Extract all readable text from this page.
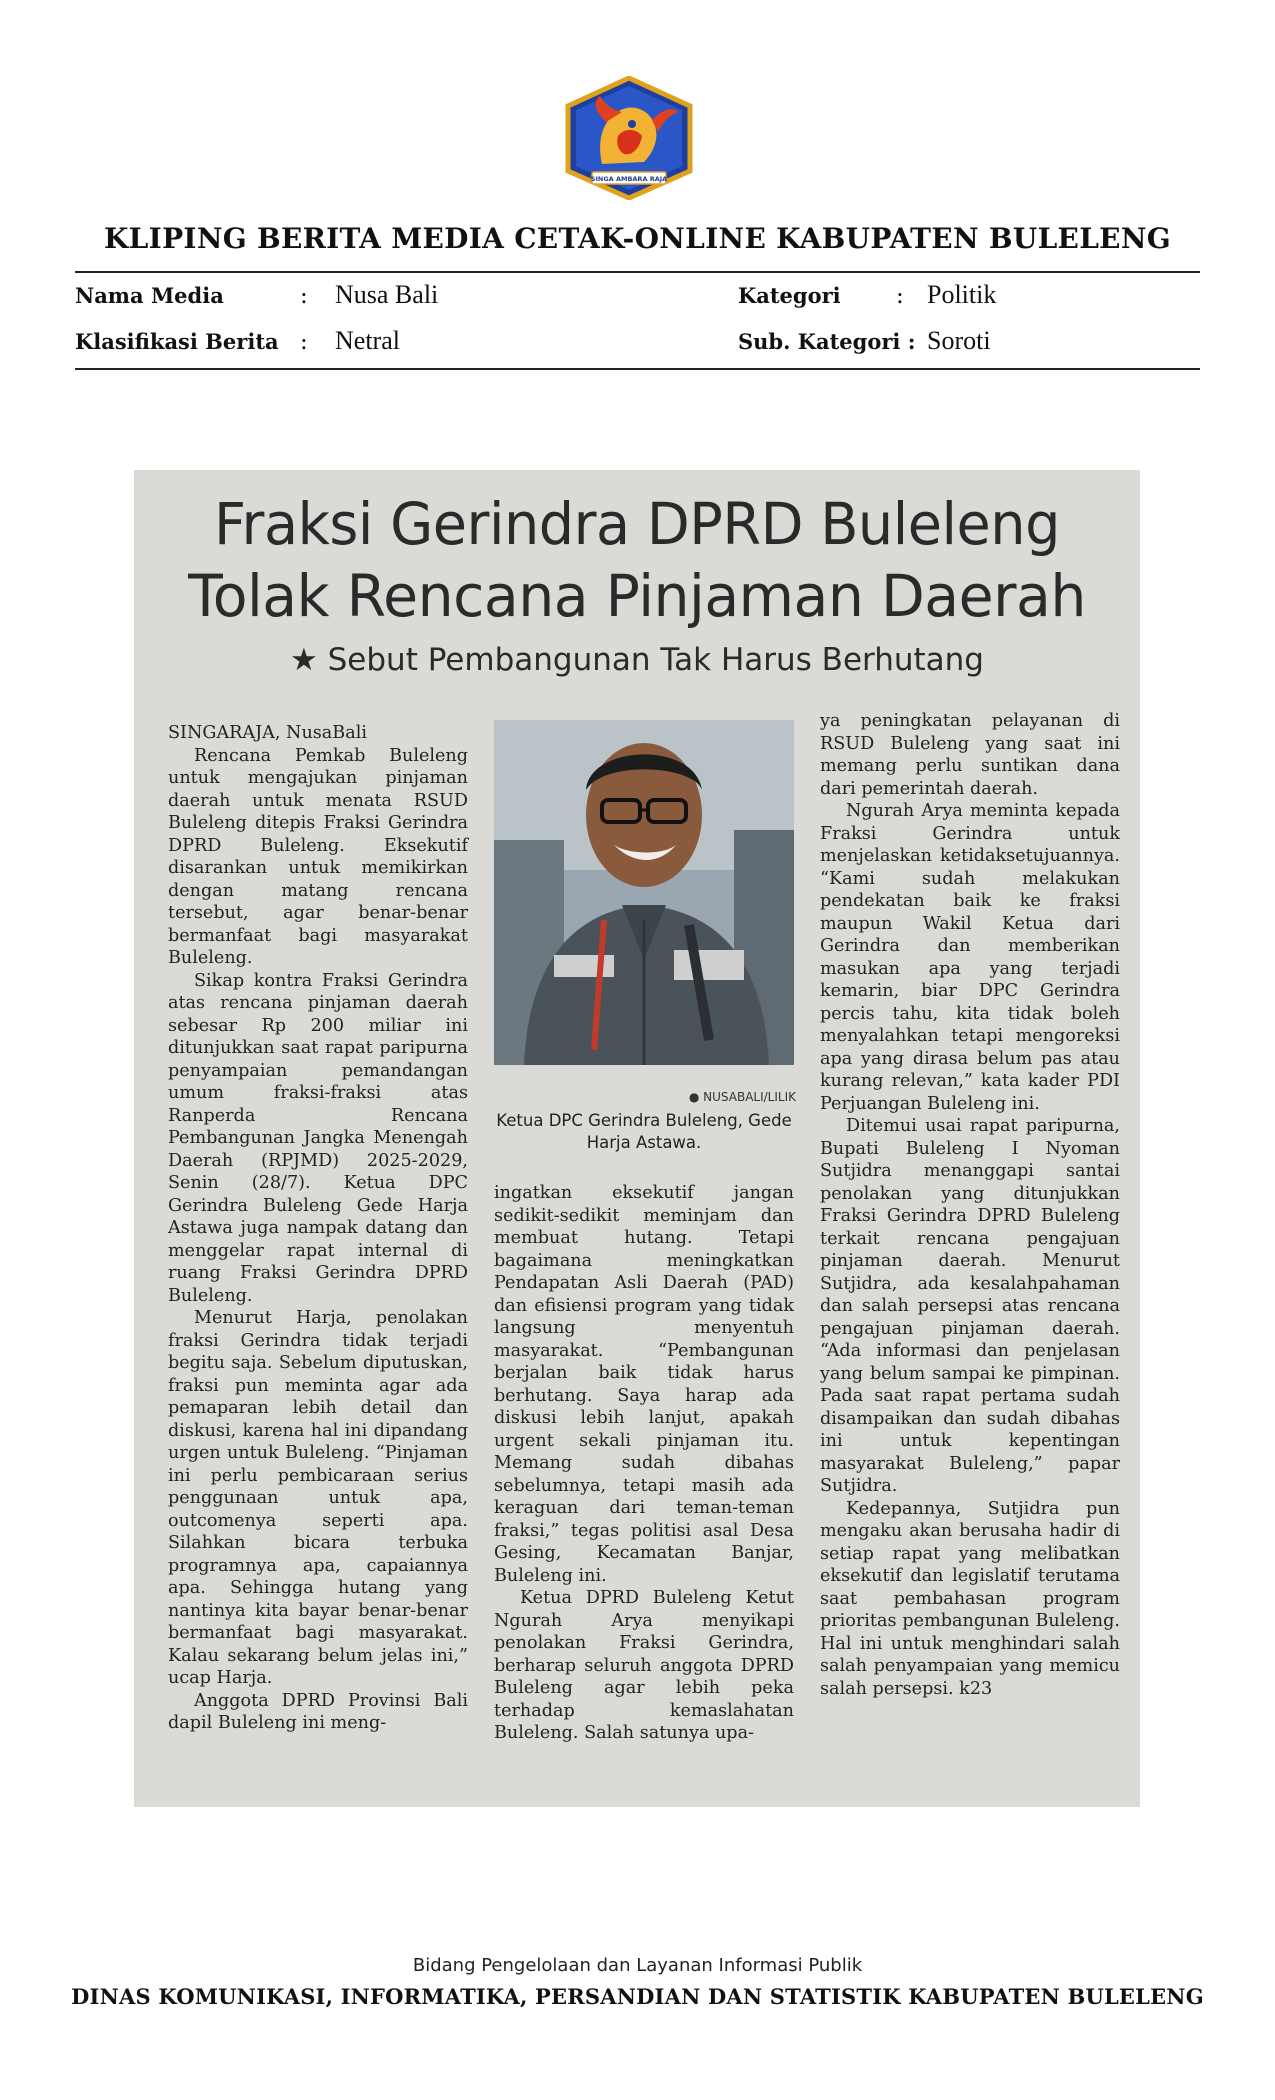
SINGA AMBARA RAJA
KLIPING BERITA MEDIA CETAK-ONLINE KABUPATEN BULELENG
Nama Media	: Nusa Bali	Kategori : Politik
Klasifikasi Berita : Netral	Sub. Kategori : Soroti
Fraksi Gerindra DPRD Buleleng
Tolak Rencana Pinjaman Daerah
★ Sebut Pembangunan Tak Harus Berhutang

SINGARAJA, NusaBali

Rencana Pemkab Buleleng untuk mengajukan pinjaman daerah untuk menata RSUD Buleleng ditepis Fraksi Gerindra DPRD Buleleng. Eksekutif disarankan untuk memikirkan dengan matang rencana tersebut, agar benar-benar bermanfaat bagi masyarakat Buleleng.

Sikap kontra Fraksi Gerindra atas rencana pinjaman daerah sebesar Rp 200 miliar ini ditunjukkan saat rapat paripurna penyampaian pemandangan umum fraksi-fraksi atas Ranperda Rencana Pembangunan Jangka Menengah Daerah (RPJMD) 2025-2029, Senin (28/7). Ketua DPC Gerindra Buleleng Gede Harja Astawa juga nampak datang dan menggelar rapat internal di ruang Fraksi Gerindra DPRD Buleleng.

Menurut Harja, penolakan fraksi Gerindra tidak terjadi begitu saja. Sebelum diputuskan, fraksi pun meminta agar ada pemaparan lebih detail dan diskusi, karena hal ini dipandang urgen untuk Buleleng. “Pinjaman ini perlu pembicaraan serius penggunaan untuk apa, outcomenya seperti apa. Silahkan bicara terbuka programnya apa, capaiannya apa. Sehingga hutang yang nantinya kita bayar benar-benar bermanfaat bagi masyarakat. Kalau sekarang belum jelas ini,” ucap Harja.

Anggota DPRD Provinsi Bali dapil Buleleng ini meng-

● NUSABALI/LILIK
Ketua DPC Gerindra Buleleng, Gede Harja Astawa.

ingatkan eksekutif jangan sedikit-sedikit meminjam dan membuat hutang. Tetapi bagaimana meningkatkan Pendapatan Asli Daerah (PAD) dan efisiensi program yang tidak langsung menyentuh masyarakat. “Pembangunan berjalan baik tidak harus berhutang. Saya harap ada diskusi lebih lanjut, apakah urgent sekali pinjaman itu. Memang sudah dibahas sebelumnya, tetapi masih ada keraguan dari teman-teman fraksi,” tegas politisi asal Desa Gesing, Kecamatan Banjar, Buleleng ini.

Ketua DPRD Buleleng Ketut Ngurah Arya menyikapi penolakan Fraksi Gerindra, berharap seluruh anggota DPRD Buleleng agar lebih peka terhadap kemaslahatan Buleleng. Salah satunya upa-

ya peningkatan pelayanan di RSUD Buleleng yang saat ini memang perlu suntikan dana dari pemerintah daerah.

Ngurah Arya meminta kepada Fraksi Gerindra untuk menjelaskan ketidaksetujuannya. “Kami sudah melakukan pendekatan baik ke fraksi maupun Wakil Ketua dari Gerindra dan memberikan masukan apa yang terjadi kemarin, biar DPC Gerindra percis tahu, kita tidak boleh menyalahkan tetapi mengoreksi apa yang dirasa belum pas atau kurang relevan,” kata kader PDI Perjuangan Buleleng ini.

Ditemui usai rapat paripurna, Bupati Buleleng I Nyoman Sutjidra menanggapi santai penolakan yang ditunjukkan Fraksi Gerindra DPRD Buleleng terkait rencana pengajuan pinjaman daerah. Menurut Sutjidra, ada kesalahpahaman dan salah persepsi atas rencana pengajuan pinjaman daerah. “Ada informasi dan penjelasan yang belum sampai ke pimpinan. Pada saat rapat pertama sudah disampaikan dan sudah dibahas ini untuk kepentingan masyarakat Buleleng,” papar Sutjidra.

Kedepannya, Sutjidra pun mengaku akan berusaha hadir di setiap rapat yang melibatkan eksekutif dan legislatif terutama saat pembahasan program prioritas pembangunan Buleleng. Hal ini untuk menghindari salah salah penyampaian yang memicu salah persepsi. k23

Bidang Pengelolaan dan Layanan Informasi Publik
DINAS KOMUNIKASI, INFORMATIKA, PERSANDIAN DAN STATISTIK KABUPATEN BULELENG
